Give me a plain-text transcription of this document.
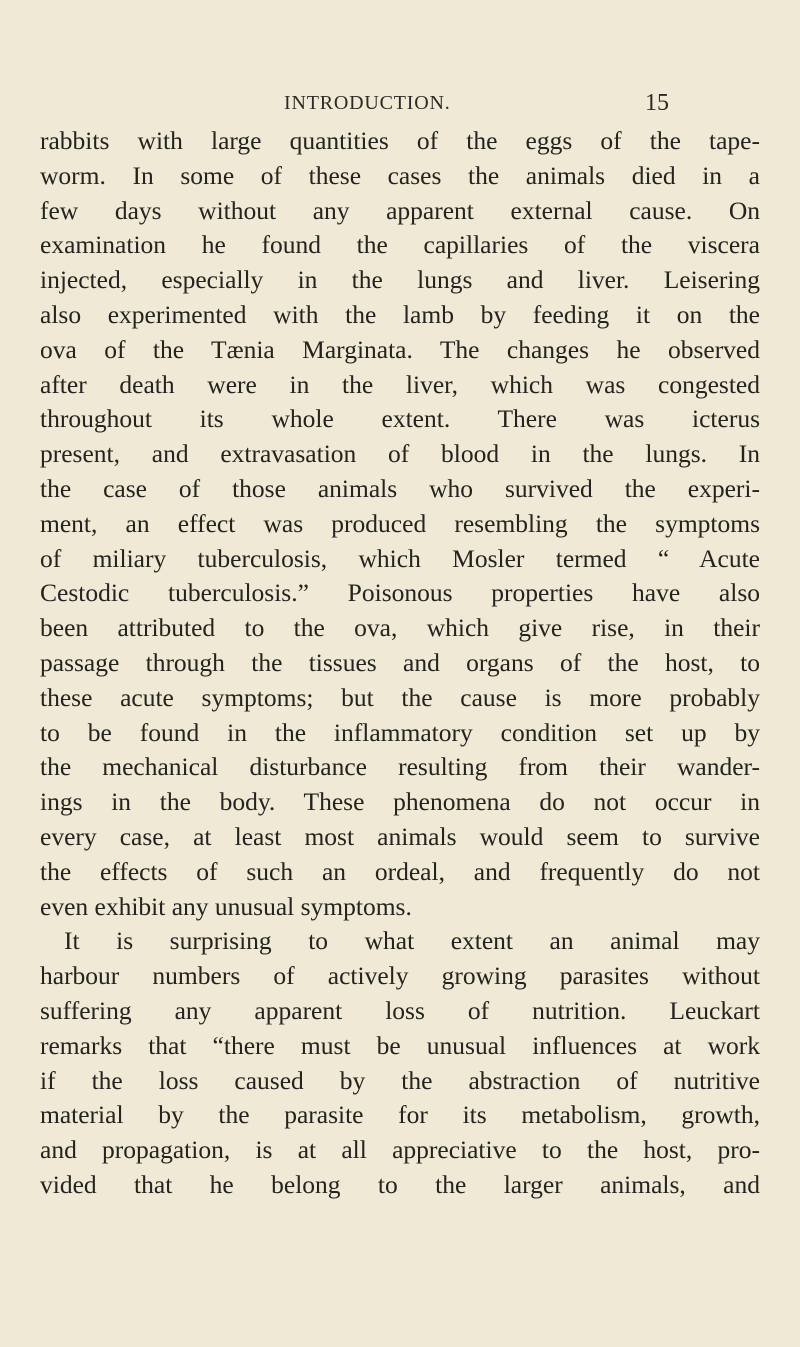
INTRODUCTION.	15
rabbits with large quantities of the eggs of the tape-
worm. In some of these cases the animals died in a
few days without any apparent external cause. On
examination he found the capillaries of the viscera
injected, especially in the lungs and liver. Leisering
also experimented with the lamb by feeding it on the
ova of the Tænia Marginata. The changes he observed
after death were in the liver, which was congested
throughout its whole extent. There was icterus
present, and extravasation of blood in the lungs. In
the case of those animals who survived the experi-
ment, an effect was produced resembling the symptoms
of miliary tuberculosis, which Mosler termed “ Acute
Cestodic tuberculosis.” Poisonous properties have also
been attributed to the ova, which give rise, in their
passage through the tissues and organs of the host, to
these acute symptoms; but the cause is more probably
to be found in the inflammatory condition set up by
the mechanical disturbance resulting from their wander-
ings in the body. These phenomena do not occur in
every case, at least most animals would seem to survive
the effects of such an ordeal, and frequently do not
even exhibit any unusual symptoms.
It is surprising to what extent an animal may
harbour numbers of actively growing parasites without
suffering any apparent loss of nutrition. Leuckart
remarks that “there must be unusual influences at work
if the loss caused by the abstraction of nutritive
material by the parasite for its metabolism, growth,
and propagation, is at all appreciative to the host, pro-
vided that he belong to the larger animals, and
